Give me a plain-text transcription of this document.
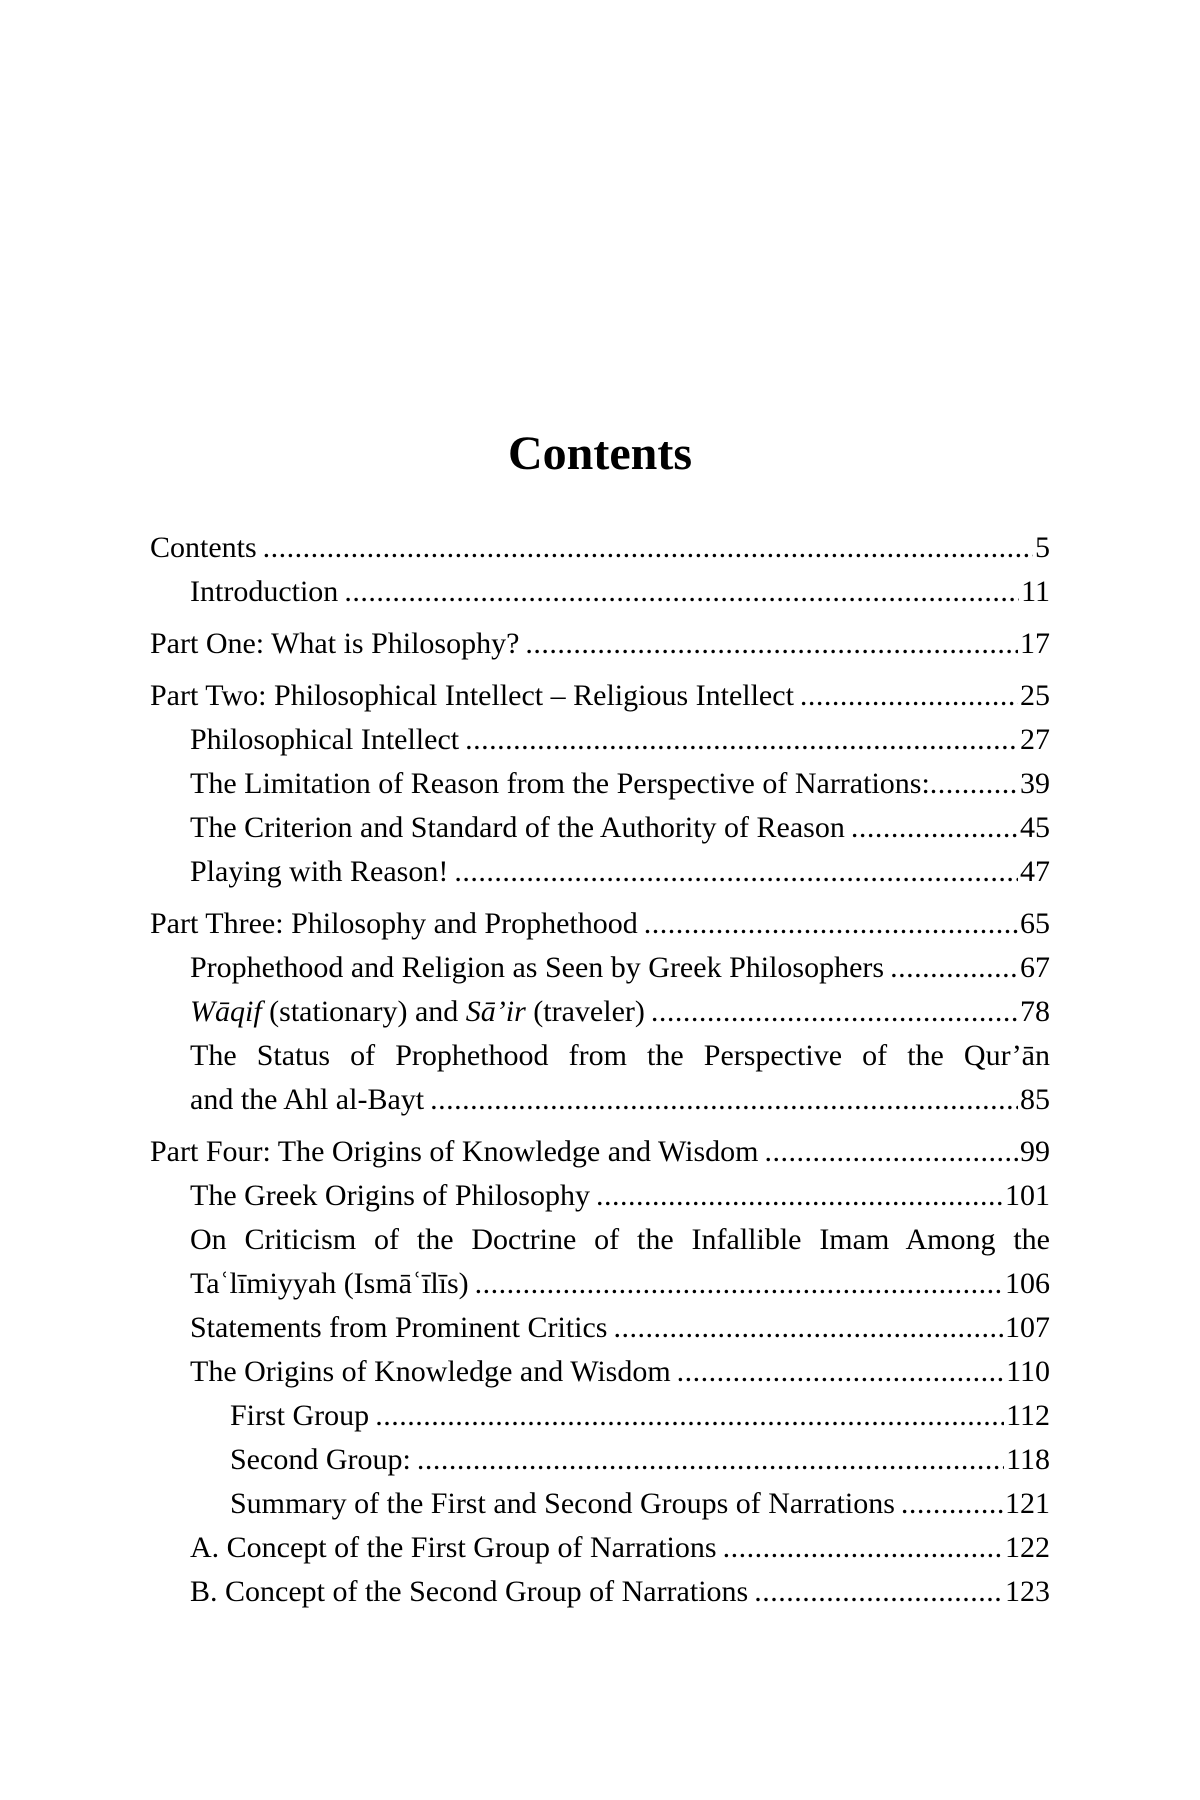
Contents
Contents .....	5
Introduction .....	11
Part One: What is Philosophy? .....	17
Part Two: Philosophical Intellect – Religious Intellect .....	25
Philosophical Intellect .....	27
The Limitation of Reason from the Perspective of Narrations: .....	39
The Criterion and Standard of the Authority of Reason .....	45
Playing with Reason! .....	47
Part Three: Philosophy and Prophethood .....	65
Prophethood and Religion as Seen by Greek Philosophers .....	67
Wāqif (stationary) and Sā’ir (traveler) .....	78
The Status of Prophethood from the Perspective of the Qur’ān
and the Ahl al-Bayt .....	85
Part Four: The Origins of Knowledge and Wisdom .....	99
The Greek Origins of Philosophy .....	101
On Criticism of the Doctrine of the Infallible Imam Among the
Taʿlīmiyyah (Ismāʿīlīs) .....	106
Statements from Prominent Critics .....	107
The Origins of Knowledge and Wisdom .....	110
First Group .....	112
Second Group: .....	118
Summary of the First and Second Groups of Narrations .....	121
A. Concept of the First Group of Narrations .....	122
B. Concept of the Second Group of Narrations .....	123
